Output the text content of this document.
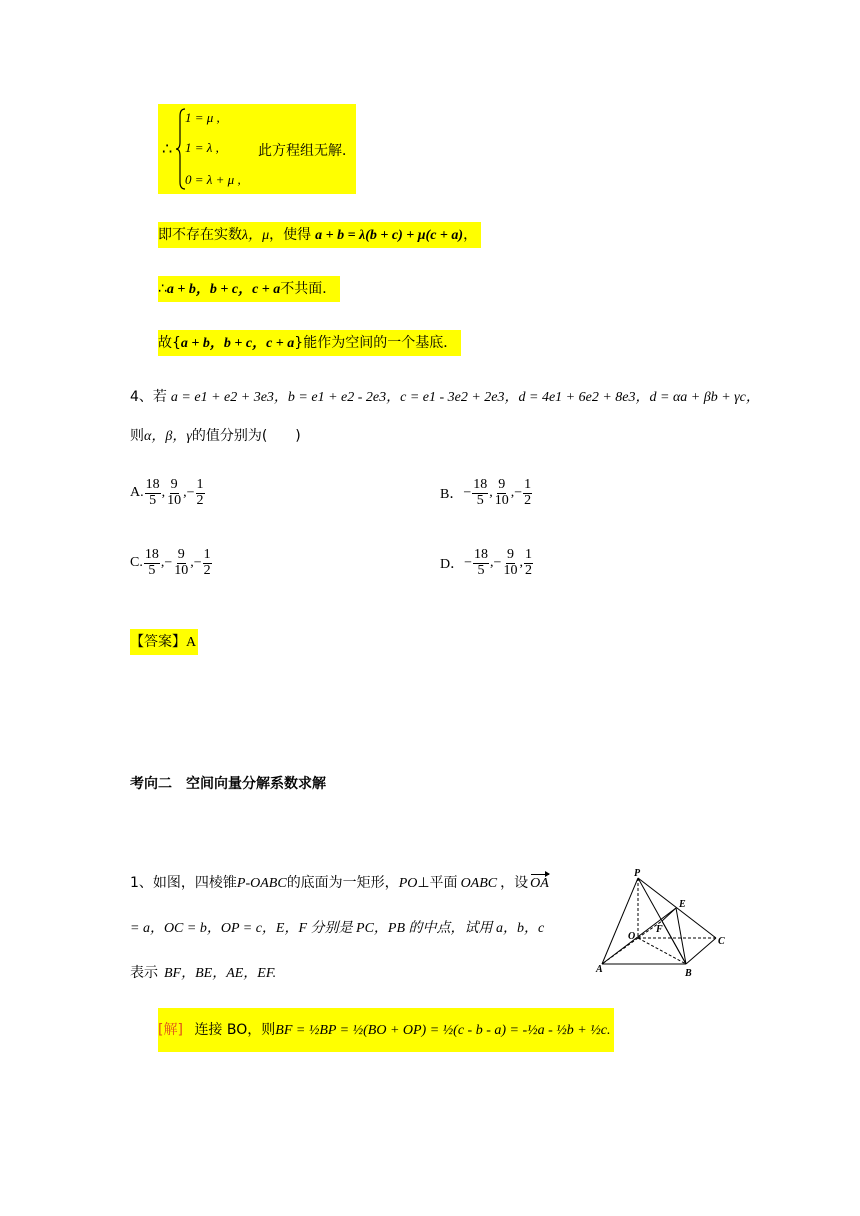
∴
1 = μ ,
1 = λ ,
0 = λ + μ ,
此方程组无解．
即不存在实数λ，μ，使得 a + b = λ(b + c) + μ(c + a)，
∴a + b，b + c，c + a不共面．
故{a + b，b + c，c + a}能作为空间的一个基底．
4、若 a = e1 + e2 + 3e3，b = e1 + e2 - 2e3，c = e1 - 3e2 + 2e3，d = 4e1 + 6e2 + 8e3，d = αa + βb + γc，
则α，β，γ的值分别为(　　)
A. $\frac{18}{5}$ , $\frac{9}{10}$ ,− $\frac{1}{2}$	B．− $\frac{18}{5}$ , $\frac{9}{10}$ ,− $\frac{1}{2}$
C. $\frac{18}{5}$ ,− $\frac{9}{10}$ ,− $\frac{1}{2}$	D．− $\frac{18}{5}$ ,− $\frac{9}{10}$ , $\frac{1}{2}$
【答案】A
考向二　空间向量分解系数求解
1、如图，四棱锥P-OABC的底面为一矩形，PO⊥平面 OABC ，设 OA
= a，OC = b，OP = c，E，F 分别是 PC，PB 的中点，试用 a，b，c
表示 BF，BE，AE，EF.
P
E
F
O	C
A	B
[解] 连接 BO，则BF = ½BP = ½(BO + OP) = ½(c - b - a) = -½a - ½b + ½c.
